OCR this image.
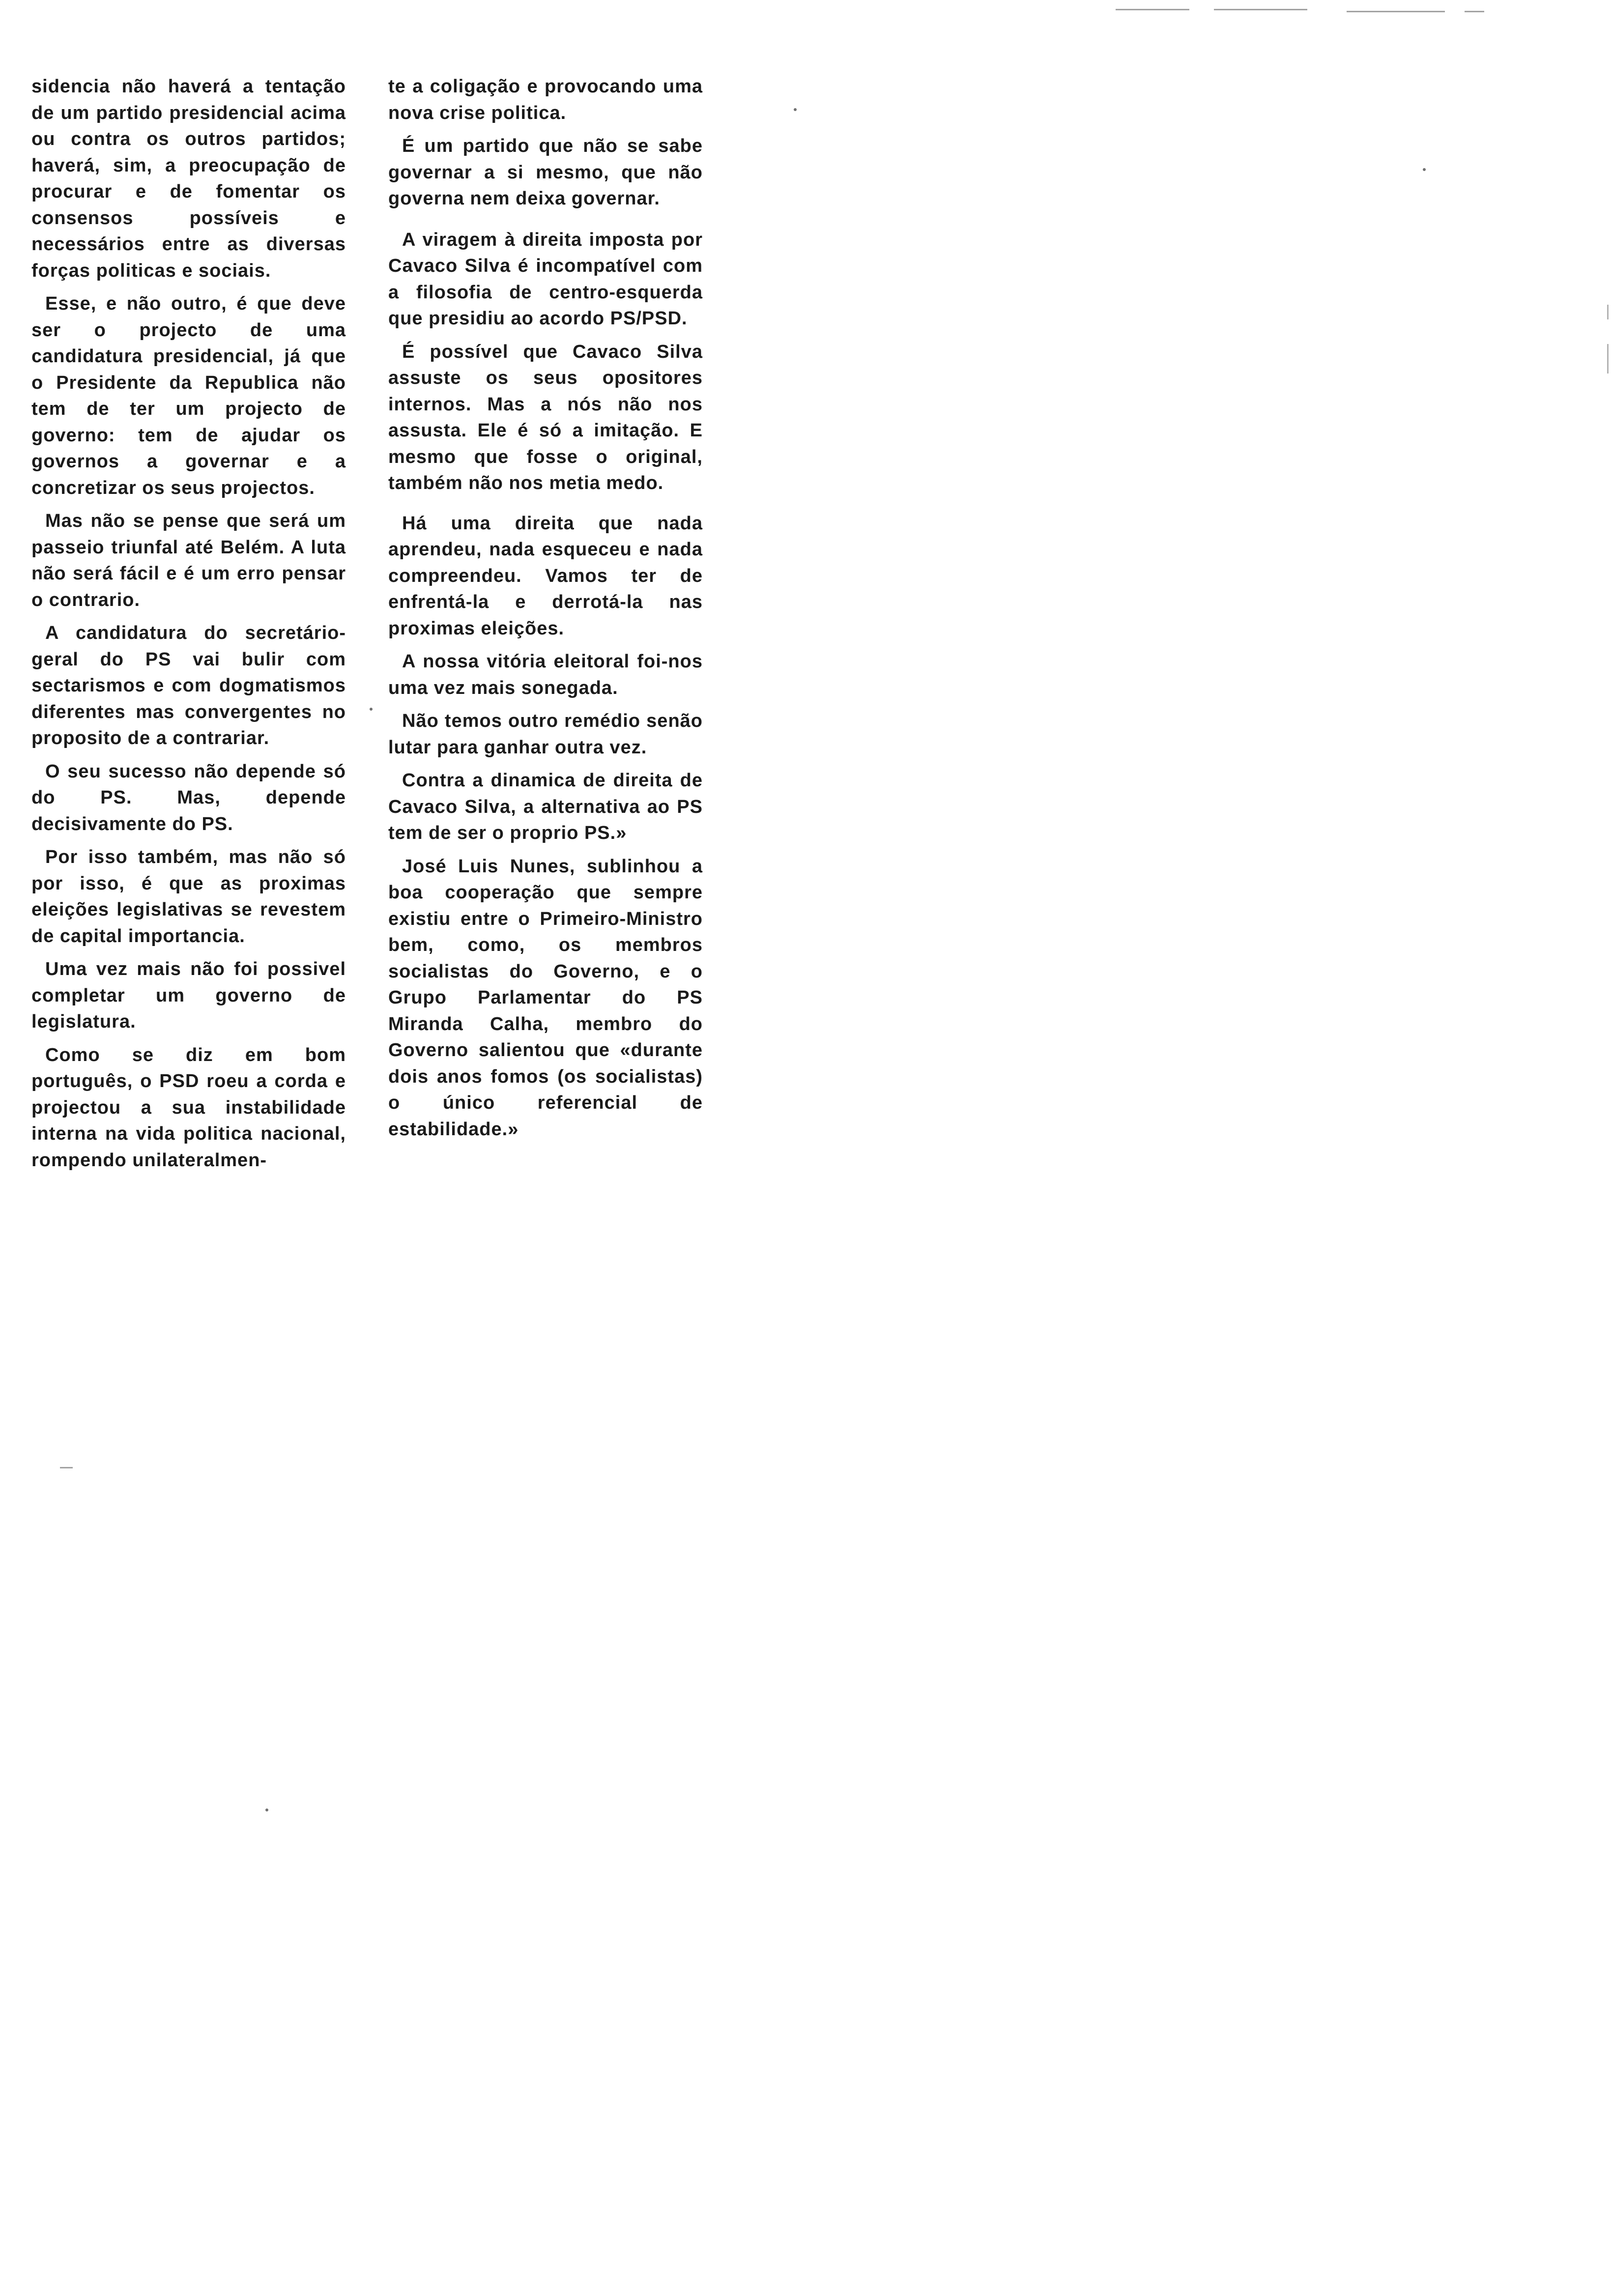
sidencia não haverá a tentação de um partido presidencial acima ou contra os outros partidos; haverá, sim, a preocupação de procurar e de fomentar os consensos possíveis e necessários entre as diversas forças politicas e sociais.

Esse, e não outro, é que deve ser o projecto de uma candidatura presidencial, já que o Presidente da Republica não tem de ter um projecto de governo: tem de ajudar os governos a governar e a concretizar os seus projectos.

Mas não se pense que será um passeio triunfal até Belém. A luta não será fácil e é um erro pensar o contrario.

A candidatura do secretário-geral do PS vai bulir com sectarismos e com dogmatismos diferentes mas convergentes no proposito de a contrariar.

O seu sucesso não depende só do PS. Mas, depende decisivamente do PS.

Por isso também, mas não só por isso, é que as proximas eleições legislativas se revestem de capital importancia.

Uma vez mais não foi possivel completar um governo de legislatura.

Como se diz em bom português, o PSD roeu a corda e projectou a sua instabilidade interna na vida politica nacional, rompendo unilateralmen-

te a coligação e provocando uma nova crise politica.

É um partido que não se sabe governar a si mesmo, que não governa nem deixa governar.

A viragem à direita imposta por Cavaco Silva é incompatível com a filosofia de centro-esquerda que presidiu ao acordo PS/PSD.

É possível que Cavaco Silva assuste os seus opositores internos. Mas a nós não nos assusta. Ele é só a imitação. E mesmo que fosse o original, também não nos metia medo.

Há uma direita que nada aprendeu, nada esqueceu e nada compreendeu. Vamos ter de enfrentá-la e derrotá-la nas proximas eleições.

A nossa vitória eleitoral foi-nos uma vez mais sonegada.

Não temos outro remédio senão lutar para ganhar outra vez.

Contra a dinamica de direita de Cavaco Silva, a alternativa ao PS tem de ser o proprio PS.»

José Luis Nunes, sublinhou a boa cooperação que sempre existiu entre o Primeiro-Ministro bem, como, os membros socialistas do Governo, e o Grupo Parlamentar do PS Miranda Calha, membro do Governo salientou que «durante dois anos fomos (os socialistas) o único referencial de estabilidade.»
